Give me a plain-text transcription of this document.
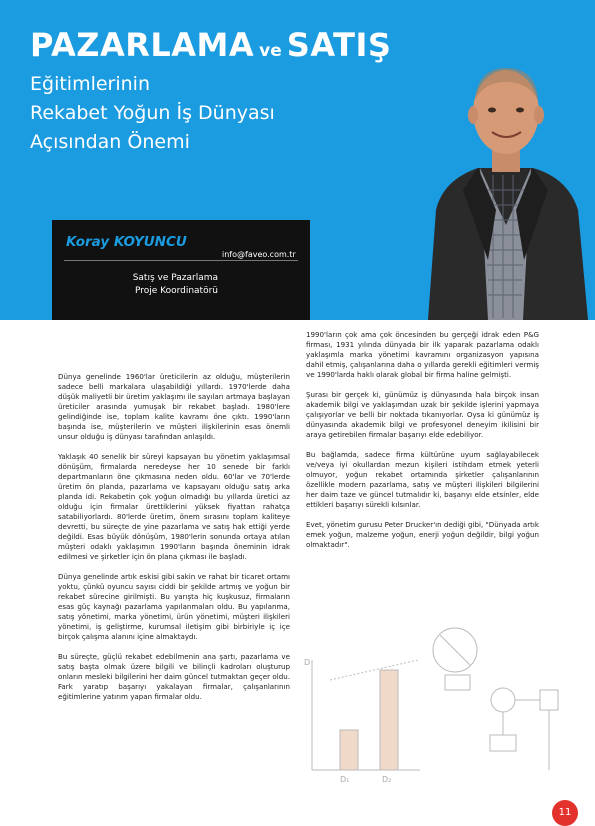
PAZARLAMA ve SATIŞ
Eğitimlerinin
Rekabet Yoğun İş Dünyası
Açısından Önemi
Koray KOYUNCU
info@faveo.com.tr
Satış ve Pazarlama
Proje Koordinatörü

Dünya genelinde 1960'lar üreticilerin az olduğu, müşterilerin sadece belli markalara ulaşabildiği yıllardı. 1970'lerde daha düşük maliyetli bir üretim yaklaşımı ile sayıları artmaya başlayan üreticiler arasında yumuşak bir rekabet başladı. 1980'lere gelindiğinde ise, toplam kalite kavramı öne çıktı. 1990'ların başında ise, müşterilerin ve müşteri ilişkilerinin esas önemli unsur olduğu iş dünyası tarafından anlaşıldı.

Yaklaşık 40 senelik bir süreyi kapsayan bu yönetim yaklaşımsal dönüşüm, firmalarda neredeyse her 10 senede bir farklı departmanların öne çıkmasına neden oldu. 60'lar ve 70'lerde üretim ön planda, pazarlama ve kapsayanı olduğu satış arka planda idi. Rekabetin çok yoğun olmadığı bu yıllarda üretici az olduğu için firmalar ürettiklerini yüksek fiyattan rahatça satabiliyorlardı. 80'lerde üretim, önem sırasını toplam kaliteye devretti, bu süreçte de yine pazarlama ve satış hak ettiği yerde değildi. Esas büyük dönüşüm, 1980'lerin sonunda ortaya atılan müşteri odaklı yaklaşımın 1990'ların başında öneminin idrak edilmesi ve şirketler için ön plana çıkması ile başladı.

Dünya genelinde artık eskisi gibi sakin ve rahat bir ticaret ortamı yoktu, çünkü oyuncu sayısı ciddi bir şekilde artmış ve yoğun bir rekabet sürecine girilmişti. Bu yarışta hiç kuşkusuz, firmaların esas güç kaynağı pazarlama yapılanmaları oldu. Bu yapılanma, satış yönetimi, marka yönetimi, ürün yönetimi, müşteri ilişkileri yönetimi, iş geliştirme, kurumsal iletişim gibi birbiriyle iç içe birçok çalışma alanını içine almaktaydı.

Bu süreçte, güçlü rekabet edebilmenin ana şartı, pazarlama ve satış başta olmak üzere bilgili ve bilinçli kadroları oluşturup onların mesleki bilgilerini her daim güncel tutmaktan geçer oldu. Fark yaratıp başarıyı yakalayan firmalar, çalışanlarının eğitimlerine yatırım yapan firmalar oldu.

1990'ların çok ama çok öncesinden bu gerçeği idrak eden P&G firması, 1931 yılında dünyada bir ilk yaparak pazarlama odaklı yaklaşımla marka yönetimi kavramını organizasyon yapısına dahil etmiş, çalışanlarına daha o yıllarda gerekli eğitimleri vermiş ve 1990'larda haklı olarak global bir firma haline gelmişti.

Şurası bir gerçek ki, günümüz iş dünyasında hala birçok insan akademik bilgi ve yaklaşımdan uzak bir şekilde işlerini yapmaya çalışıyorlar ve belli bir noktada tıkanıyorlar. Oysa ki günümüz iş dünyasında akademik bilgi ve profesyonel deneyim ikilisini bir araya getirebilen firmalar başarıyı elde edebiliyor.

Bu bağlamda, sadece firma kültürüne uyum sağlayabilecek ve/veya iyi okullardan mezun kişileri istihdam etmek yeterli olmuyor, yoğun rekabet ortamında şirketler çalışanlarının özellikle modern pazarlama, satış ve müşteri ilişkileri bilgilerini her daim taze ve güncel tutmalıdır ki, başarıyı elde etsinler, elde ettikleri başarıyı sürekli kılsınlar.

Evet, yönetim gurusu Peter Drucker'ın dediği gibi, "Dünyada artık emek yoğun, malzeme yoğun, enerji yoğun değildir, bilgi yoğun olmaktadır".

D
D₁	D₂
11
